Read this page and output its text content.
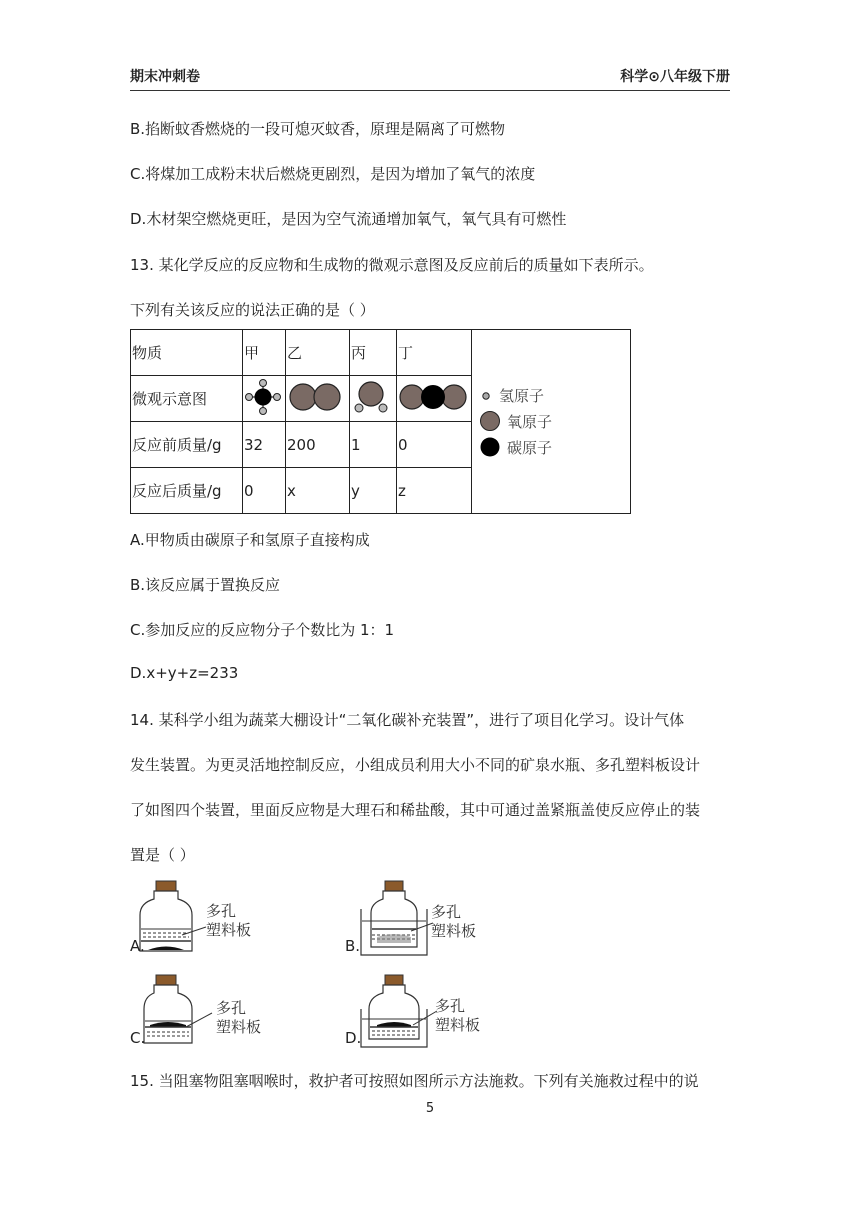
期末冲刺卷	科学⊙八年级下册
B.掐断蚊香燃烧的一段可熄灭蚊香，原理是隔离了可燃物
C.将煤加工成粉末状后燃烧更剧烈，是因为增加了氧气的浓度
D.木材架空燃烧更旺，是因为空气流通增加氧气，氧气具有可燃性
13. 某化学反应的反应物和生成物的微观示意图及反应前后的质量如下表所示。
下列有关该反应的说法正确的是（ ）
物质	甲	乙	丙	丁	氢原子
氧原子
碳原子

微观示意图				
反应前质量/g	32	200	1	0	
反应后质量/g	0	x	y	z	
A.甲物质由碳原子和氢原子直接构成
B.该反应属于置换反应
C.参加反应的反应物分子个数比为 1：1
D.x+y+z=233
14. 某科学小组为蔬菜大棚设计“二氧化碳补充装置”，进行了项目化学习。设计气体
发生装置。为更灵活地控制反应，小组成员利用大小不同的矿泉水瓶、多孔塑料板设计
了如图四个装置，里面反应物是大理石和稀盐酸，其中可通过盖紧瓶盖使反应停止的装
置是（ ）
A.
多孔
塑料板
B.
多孔
塑料板
C.
多孔
塑料板
D.
多孔
塑料板
15. 当阻塞物阻塞咽喉时，救护者可按照如图所示方法施救。下列有关施救过程中的说
5
